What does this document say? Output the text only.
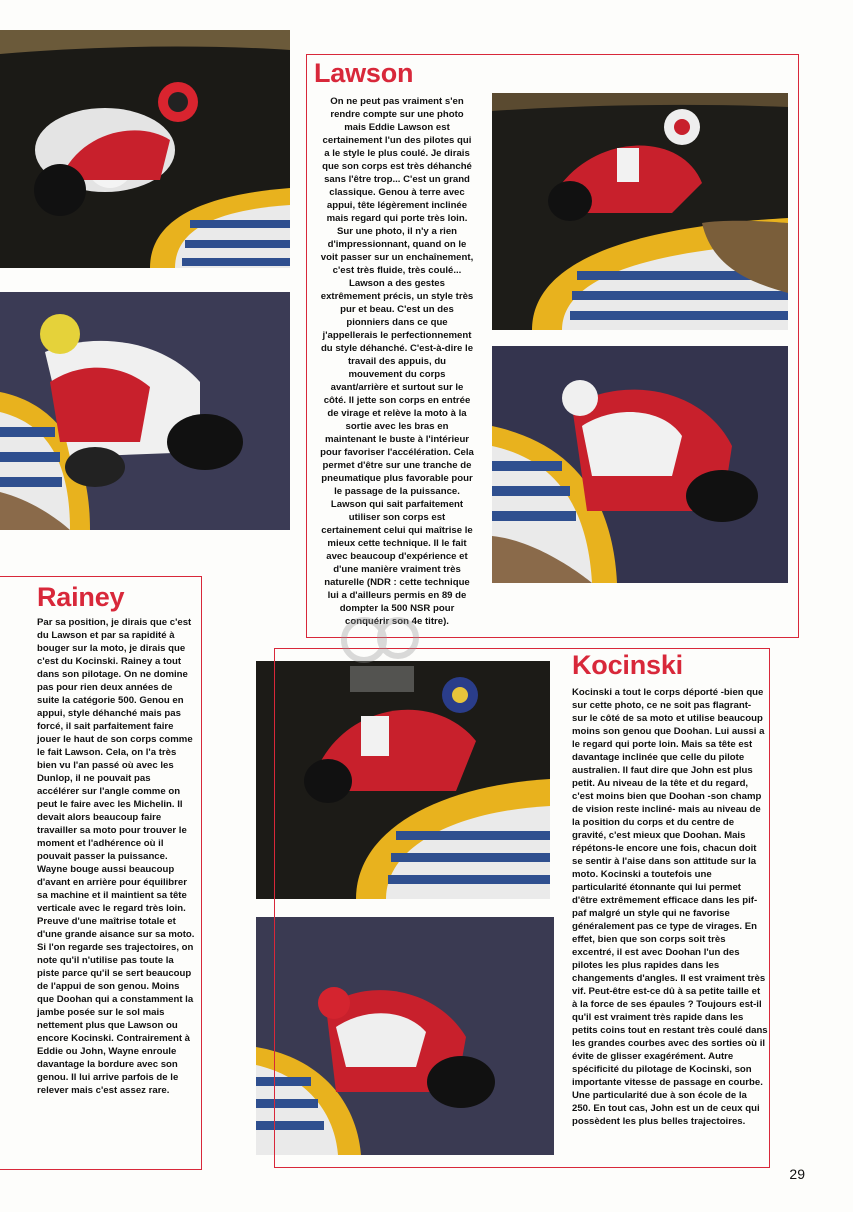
Lawson
Rainey
Kocinski

On ne peut pas vraiment s'en rendre compte sur une photo mais Eddie Lawson est certainement l'un des pilotes qui a le style le plus coulé. Je dirais que son corps est très déhanché sans l'être trop... C'est un grand classique. Genou à terre avec appui, tête légèrement inclinée mais regard qui porte très loin. Sur une photo, il n'y a rien d'impressionnant, quand on le voit passer sur un enchaînement, c'est très fluide, très coulé... Lawson a des gestes extrêmement précis, un style très pur et beau. C'est un des pionniers dans ce que j'appellerais le perfectionnement du style déhanché. C'est-à-dire le travail des appuis, du mouvement du corps avant/arrière et surtout sur le côté. Il jette son corps en entrée de virage et relève la moto à la sortie avec les bras en maintenant le buste à l'intérieur pour favoriser l'accélération. Cela permet d'être sur une tranche de pneumatique plus favorable pour le passage de la puissance. Lawson qui sait parfaitement utiliser son corps est certainement celui qui maîtrise le mieux cette technique. Il le fait avec beaucoup d'expérience et d'une manière vraiment très naturelle (NDR : cette technique lui a d'ailleurs permis en 89 de dompter la 500 NSR pour conquérir son 4e titre).

Par sa position, je dirais que c'est du Lawson et par sa rapidité à bouger sur la moto, je dirais que c'est du Kocinski. Rainey a tout dans son pilotage. On ne domine pas pour rien deux années de suite la catégorie 500. Genou en appui, style déhanché mais pas forcé, il sait parfaitement faire jouer le haut de son corps comme le fait Lawson. Cela, on l'a très bien vu l'an passé où avec les Dunlop, il ne pouvait pas accélérer sur l'angle comme on peut le faire avec les Michelin. Il devait alors beaucoup faire travailler sa moto pour trouver le moment et l'adhérence où il pouvait passer la puissance. Wayne bouge aussi beaucoup d'avant en arrière pour équilibrer sa machine et il maintient sa tête verticale avec le regard très loin. Preuve d'une maîtrise totale et d'une grande aisance sur sa moto. Si l'on regarde ses trajectoires, on note qu'il n'utilise pas toute la piste parce qu'il se sert beaucoup de l'appui de son genou. Moins que Doohan qui a constamment la jambe posée sur le sol mais nettement plus que Lawson ou encore Kocinski. Contrairement à Eddie ou John, Wayne enroule davantage la bordure avec son genou. Il lui arrive parfois de le relever mais c'est assez rare.

Kocinski a tout le corps déporté -bien que sur cette photo, ce ne soit pas flagrant- sur le côté de sa moto et utilise beaucoup moins son genou que Doohan. Lui aussi a le regard qui porte loin. Mais sa tête est davantage inclinée que celle du pilote australien. Il faut dire que John est plus petit. Au niveau de la tête et du regard, c'est moins bien que Doohan -son champ de vision reste incliné- mais au niveau de la position du corps et du centre de gravité, c'est mieux que Doohan. Mais répétons-le encore une fois, chacun doit se sentir à l'aise dans son attitude sur la moto. Kocinski a toutefois une particularité étonnante qui lui permet d'être extrêmement efficace dans les pif-paf malgré un style qui ne favorise généralement pas ce type de virages. En effet, bien que son corps soit très excentré, il est avec Doohan l'un des pilotes les plus rapides dans les changements d'angles. Il est vraiment très vif. Peut-être est-ce dû à sa petite taille et à la force de ses épaules ? Toujours est-il qu'il est vraiment très rapide dans les petits coins tout en restant très coulé dans les grandes courbes avec des sorties où il évite de glisser exagérément. Autre spécificité du pilotage de Kocinski, son importante vitesse de passage en courbe. Une particularité due à son école de la 250. En tout cas, John est un de ceux qui possèdent les plus belles trajectoires.

29
